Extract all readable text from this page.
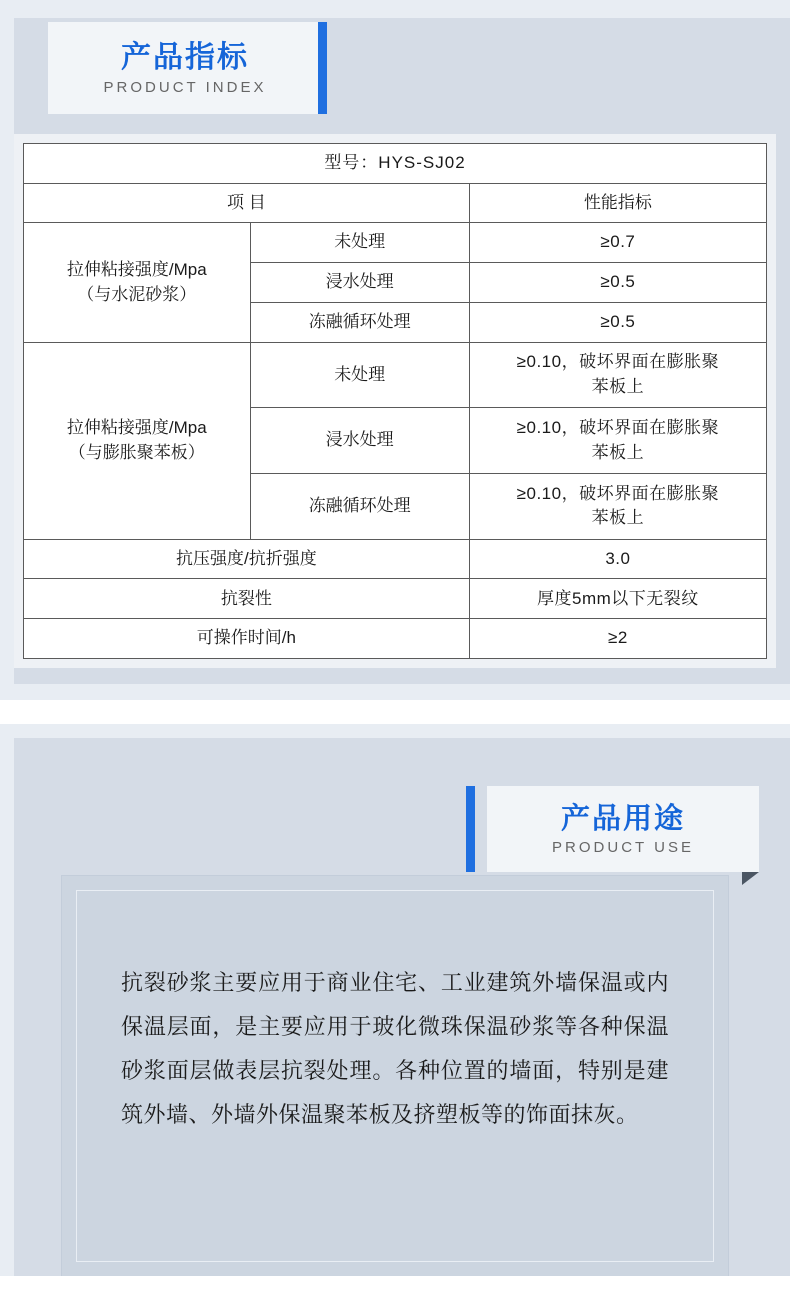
产品指标
PRODUCT INDEX
型号：HYS-SJ02		
项 目		性能指标
拉伸粘接强度/Mpa
（与水泥砂浆）	未处理	≥0.7
	浸水处理	≥0.5
	冻融循环处理	≥0.5
拉伸粘接强度/Mpa
（与膨胀聚苯板）	未处理	≥0.10，破坏界面在膨胀聚
苯板上
	浸水处理	≥0.10，破坏界面在膨胀聚
苯板上
	冻融循环处理	≥0.10，破坏界面在膨胀聚
苯板上
抗压强度/抗折强度		3.0
抗裂性		厚度5mm以下无裂纹
可操作时间/h		≥2
产品用途
PRODUCT USE

抗裂砂浆主要应用于商业住宅、工业建筑外墙保温或内保温层面，是主要应用于玻化微珠保温砂浆等各种保温砂浆面层做表层抗裂处理。各种位置的墙面，特别是建筑外墙、外墙外保温聚苯板及挤塑板等的饰面抹灰。
